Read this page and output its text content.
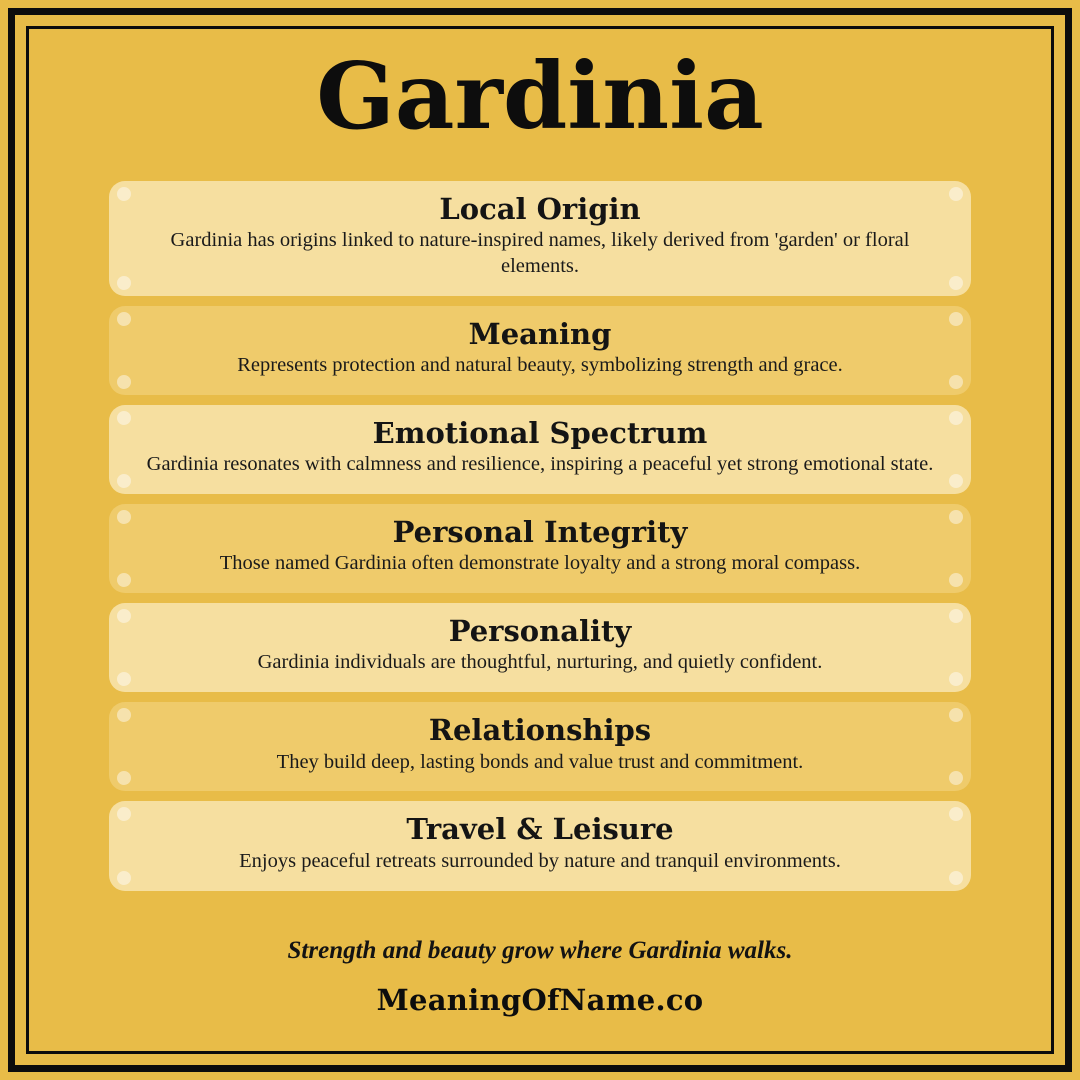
Gardinia

Local Origin

Gardinia has origins linked to nature-inspired names, likely derived from 'garden' or floral elements.

Meaning

Represents protection and natural beauty, symbolizing strength and grace.

Emotional Spectrum

Gardinia resonates with calmness and resilience, inspiring a peaceful yet strong emotional state.

Personal Integrity

Those named Gardinia often demonstrate loyalty and a strong moral compass.

Personality

Gardinia individuals are thoughtful, nurturing, and quietly confident.

Relationships

They build deep, lasting bonds and value trust and commitment.

Travel & Leisure

Enjoys peaceful retreats surrounded by nature and tranquil environments.

Strength and beauty grow where Gardinia walks.
MeaningOfName.co
